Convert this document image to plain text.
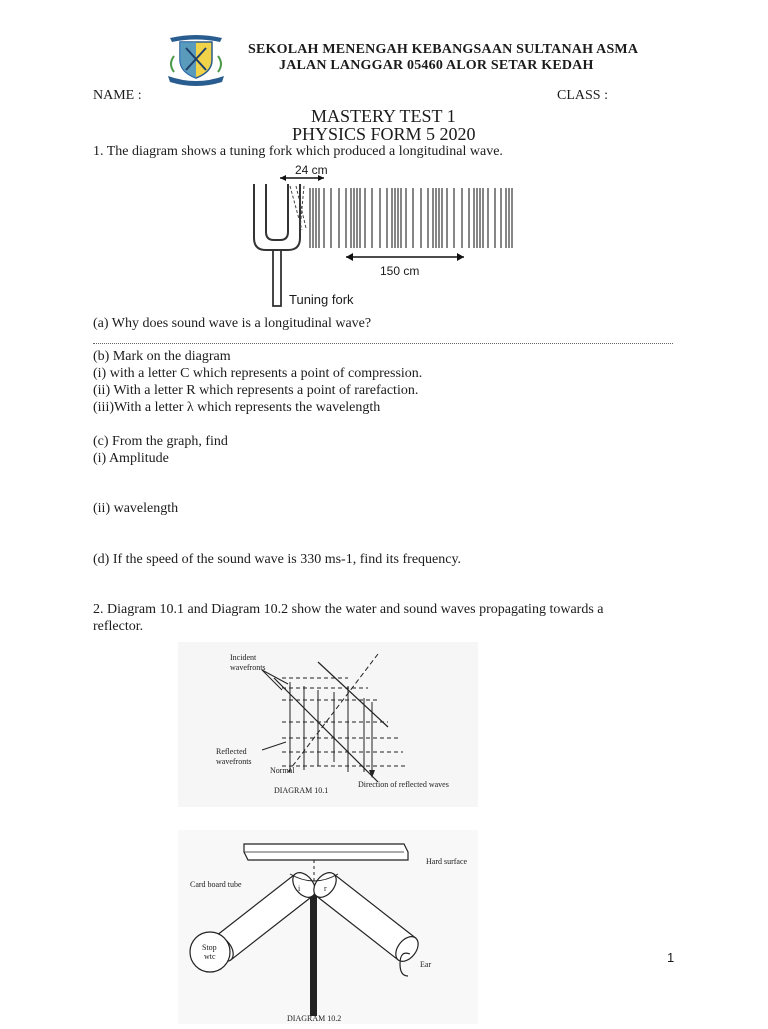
SEKOLAH MENENGAH KEBANGSAAN SULTANAH ASMA
JALAN LANGGAR 05460 ALOR SETAR KEDAH
NAME :	CLASS :
MASTERY TEST 1
PHYSICS FORM 5 2020
1. The diagram shows a tuning fork which produced a longitudinal wave.
24 cm
150 cm
Tuning fork
(a) Why does sound wave is a longitudinal wave?
(b) Mark on the diagram
(i) with a letter C which represents a point of compression.
(ii) With a letter R which represents a point of rarefaction.
(iii)With a letter λ which represents the wavelength
(c) From the graph, find
(i) Amplitude
(ii) wavelength
(d) If the speed of the sound wave is 330 ms-1, find its frequency.
2. Diagram 10.1 and Diagram 10.2 show the water and sound waves propagating towards a
reflector.
Incident
wavefronts
Reflected
wavefronts
Normal
Direction of reflected waves
DIAGRAM 10.1
Hard surface
Card board tube	i	r
Stop
wtc
Ear
DIAGRAM 10.2
1
